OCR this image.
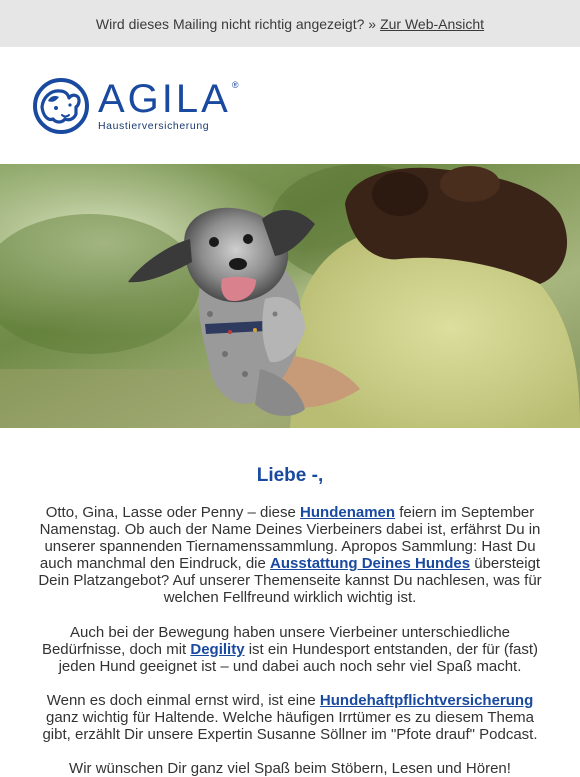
Wird dieses Mailing nicht richtig angezeigt? » Zur Web-Ansicht
AGILA®
Haustierversicherung
Liebe -,

Otto, Gina, Lasse oder Penny – diese Hundenamen feiern im September Namenstag. Ob auch der Name Deines Vierbeiners dabei ist, erfährst Du in unserer spannenden Tiernamenssammlung. Apropos Sammlung: Hast Du auch manchmal den Eindruck, die Ausstattung Deines Hundes übersteigt Dein Platzangebot? Auf unserer Themenseite kannst Du nachlesen, was für welchen Fellfreund wirklich wichtig ist.

Auch bei der Bewegung haben unsere Vierbeiner unterschiedliche Bedürfnisse, doch mit Degility ist ein Hundesport entstanden, der für (fast) jeden Hund geeignet ist – und dabei auch noch sehr viel Spaß macht.

Wenn es doch einmal ernst wird, ist eine Hundehaftpflichtversicherung ganz wichtig für Haltende. Welche häufigen Irrtümer es zu diesem Thema gibt, erzählt Dir unsere Expertin Susanne Söllner im "Pfote drauf" Podcast.

Wir wünschen Dir ganz viel Spaß beim Stöbern, Lesen und Hören!
